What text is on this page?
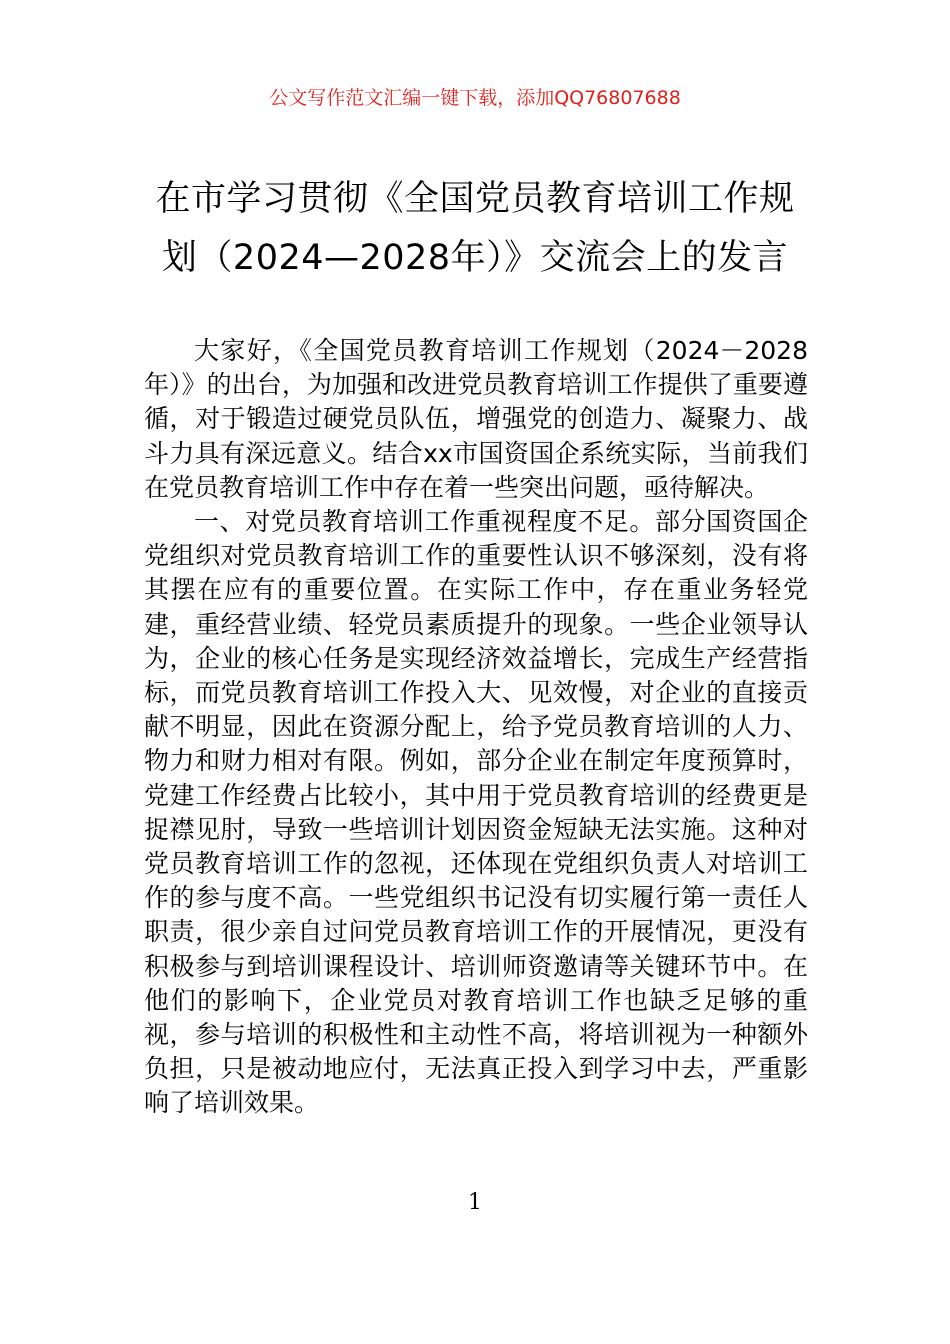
公文写作范文汇编一键下载，添加QQ76807688
在市学习贯彻《全国党员教育培训工作规划（2024—2028年）》交流会上的发言

大家好，《全国党员教育培训工作规划（2024－2028年）》的出台，为加强和改进党员教育培训工作提供了重要遵循，对于锻造过硬党员队伍，增强党的创造力、凝聚力、战斗力具有深远意义。结合xx市国资国企系统实际，当前我们在党员教育培训工作中存在着一些突出问题，亟待解决。

一、对党员教育培训工作重视程度不足。部分国资国企党组织对党员教育培训工作的重要性认识不够深刻，没有将其摆在应有的重要位置。在实际工作中，存在重业务轻党建，重经营业绩、轻党员素质提升的现象。一些企业领导认为，企业的核心任务是实现经济效益增长，完成生产经营指标，而党员教育培训工作投入大、见效慢，对企业的直接贡献不明显，因此在资源分配上，给予党员教育培训的人力、物力和财力相对有限。例如，部分企业在制定年度预算时，党建工作经费占比较小，其中用于党员教育培训的经费更是捉襟见肘，导致一些培训计划因资金短缺无法实施。这种对党员教育培训工作的忽视，还体现在党组织负责人对培训工作的参与度不高。一些党组织书记没有切实履行第一责任人职责，很少亲自过问党员教育培训工作的开展情况，更没有积极参与到培训课程设计、培训师资邀请等关键环节中。在他们的影响下，企业党员对教育培训工作也缺乏足够的重视，参与培训的积极性和主动性不高，将培训视为一种额外负担，只是被动地应付，无法真正投入到学习中去，严重影响了培训效果。

1
